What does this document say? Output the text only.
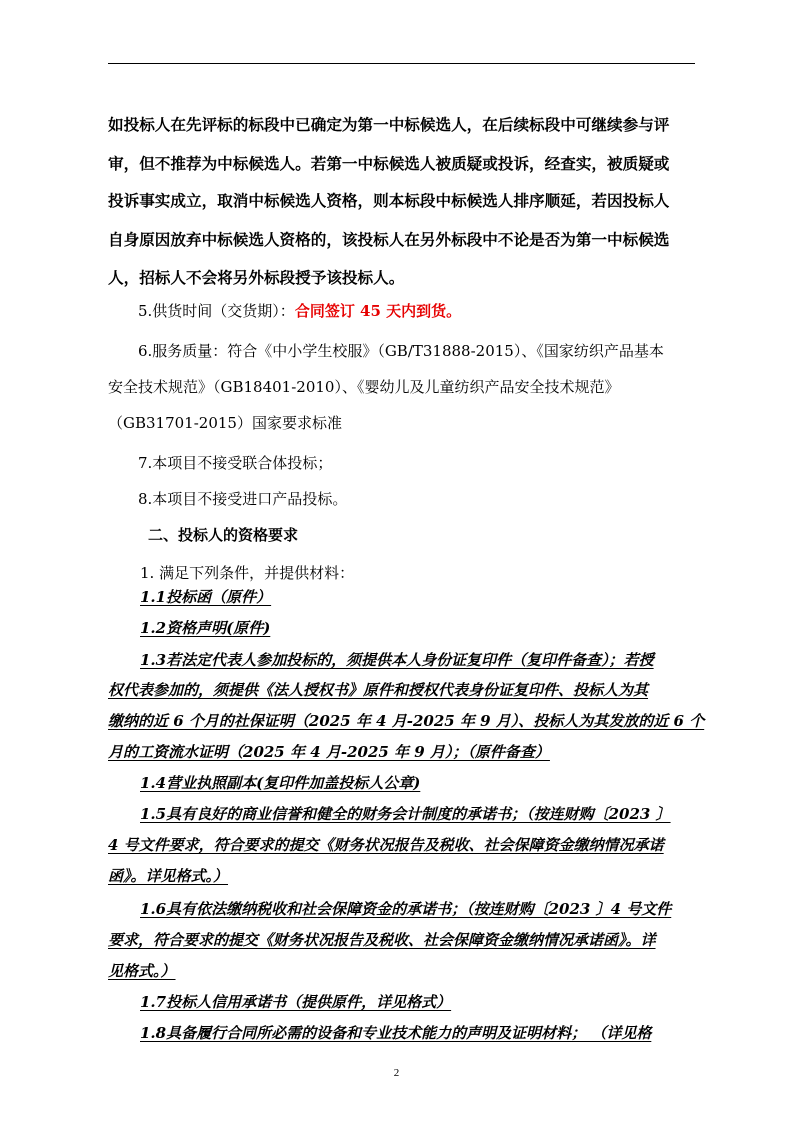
如投标人在先评标的标段中已确定为第一中标候选人，在后续标段中可继续参与评
审，但不推荐为中标候选人。若第一中标候选人被质疑或投诉，经查实，被质疑或
投诉事实成立，取消中标候选人资格，则本标段中标候选人排序顺延，若因投标人
自身原因放弃中标候选人资格的，该投标人在另外标段中不论是否为第一中标候选
人，招标人不会将另外标段授予该投标人。
5.供货时间（交货期）：合同签订 45 天内到货。
6.服务质量：符合《中小学生校服》（GB/T31888-2015）、《国家纺织产品基本
安全技术规范》（GB18401-2010）、《婴幼儿及儿童纺织产品安全技术规范》
（GB31701-2015）国家要求标准
7.本项目不接受联合体投标；
8.本项目不接受进口产品投标。
二、投标人的资格要求
1. 满足下列条件，并提供材料：
1.1投标函（原件）
1.2资格声明(原件)
1.3若法定代表人参加投标的，须提供本人身份证复印件（复印件备查）；若授
权代表参加的，须提供《法人授权书》原件和授权代表身份证复印件、投标人为其
缴纳的近 6 个月的社保证明（2025 年 4 月-2025 年 9 月）、投标人为其发放的近 6 个
月的工资流水证明（2025 年 4 月-2025 年 9 月）；（原件备查）
1.4营业执照副本(复印件加盖投标人公章)
1.5具有良好的商业信誉和健全的财务会计制度的承诺书；（按连财购〔2023 〕
4 号文件要求，符合要求的提交《财务状况报告及税收、社会保障资金缴纳情况承诺
函》。详见格式。）
1.6具有依法缴纳税收和社会保障资金的承诺书；（按连财购〔2023 〕4 号文件
要求，符合要求的提交《财务状况报告及税收、社会保障资金缴纳情况承诺函》。详
见格式。）
1.7投标人信用承诺书（提供原件，详见格式）
1.8具备履行合同所必需的设备和专业技术能力的声明及证明材料； （详见格
2
